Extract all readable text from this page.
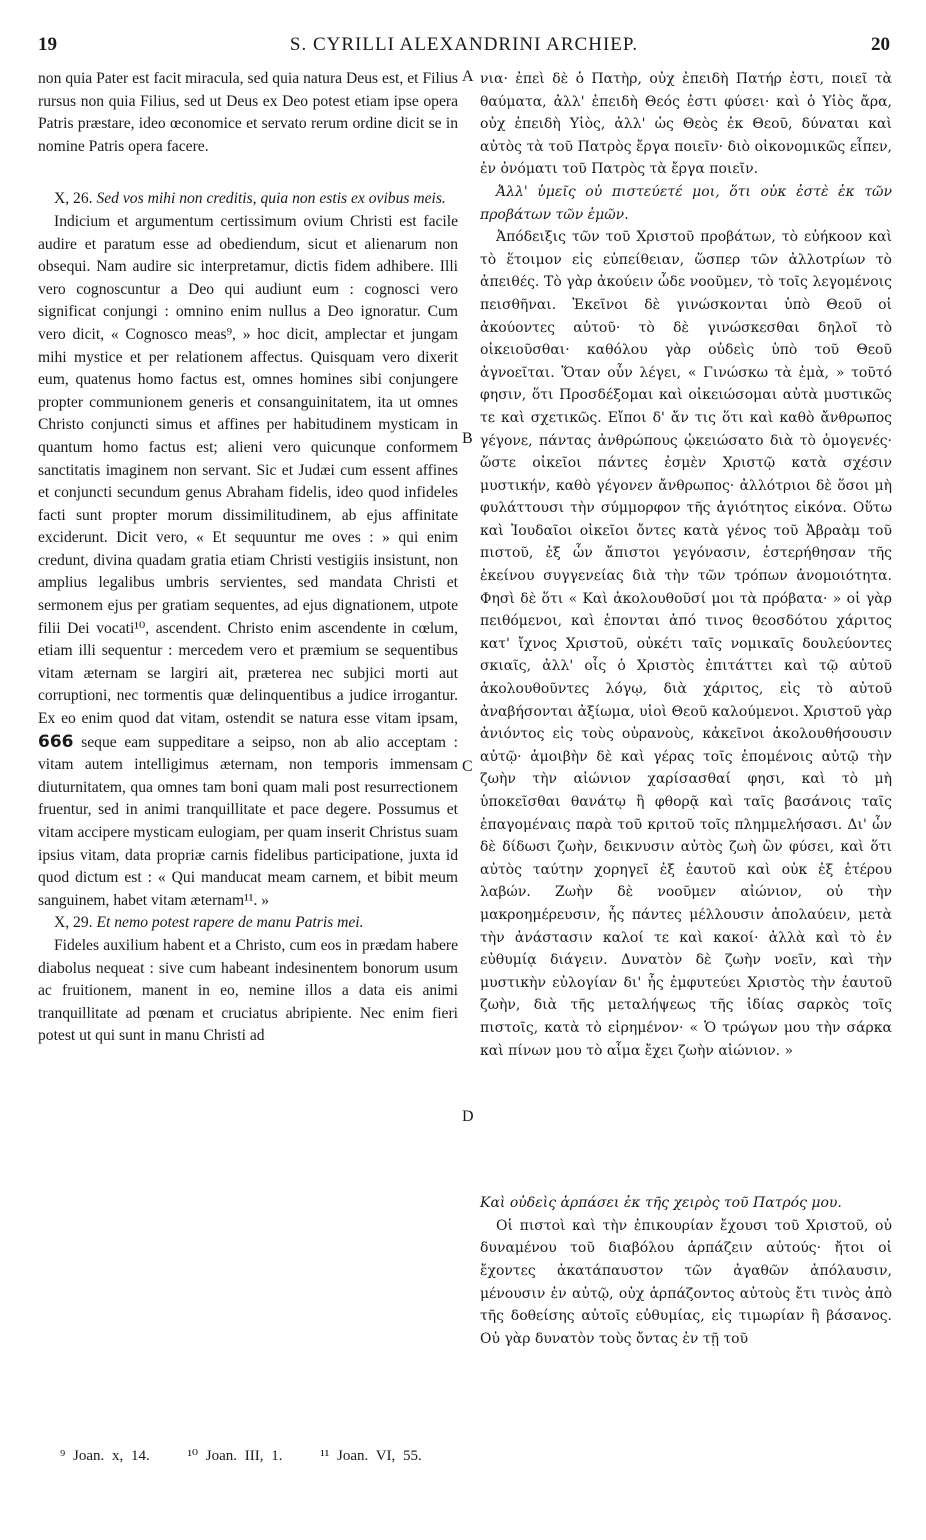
19	S. CYRILLI ALEXANDRINI ARCHIEP.	20

non quia Pater est facit miracula, sed quia natura Deus est, et Filius rursus non quia Filius, sed ut Deus ex Deo potest etiam ipse opera Patris præstare, ideo œconomice et servato rerum ordine dicit se in nomine Patris opera facere.

X, 26. Sed vos mihi non creditis, quia non estis ex ovibus meis.

Indicium et argumentum certissimum ovium Christi est facile audire et paratum esse ad obediendum, sicut et alienarum non obsequi. Nam audire sic interpretamur, dictis fidem adhibere. Illi vero cognoscuntur a Deo qui audiunt eum : cognosci vero significat conjungi : omnino enim nullus a Deo ignoratur. Cum vero dicit, « Cognosco meas⁹, » hoc dicit, amplectar et jungam mihi mystice et per relationem affectus. Quisquam vero dixerit eum, quatenus homo factus est, omnes homines sibi conjungere propter communionem generis et consanguinitatem, ita ut omnes Christo conjuncti simus et affines per habitudinem mysticam in quantum homo factus est; alieni vero quicunque conformem sanctitatis imaginem non servant. Sic et Judæi cum essent affines et conjuncti secundum genus Abraham fidelis, ideo quod infideles facti sunt propter morum dissimilitudinem, ab ejus affinitate exciderunt. Dicit vero, « Et sequuntur me oves : » qui enim credunt, divina quadam gratia etiam Christi vestigiis insistunt, non amplius legalibus umbris servientes, sed mandata Christi et sermonem ejus per gratiam sequentes, ad ejus dignationem, utpote filii Dei vocati¹⁰, ascendent. Christo enim ascendente in cœlum, etiam illi sequentur : mercedem vero et præmium se sequentibus vitam æternam se largiri ait, præterea nec subjici morti aut corruptioni, nec tormentis quæ delinquentibus a judice irrogantur. Ex eo enim quod dat vitam, ostendit se natura esse vitam ipsam, 666 seque eam suppeditare a seipso, non ab alio acceptam : vitam autem intelligimus æternam, non temporis immensam diuturnitatem, qua omnes tam boni quam mali post resurrectionem fruentur, sed in animi tranquillitate et pace degere. Possumus et vitam accipere mysticam eulogiam, per quam inserit Christus suam ipsius vitam, data propriæ carnis fidelibus participatione, juxta id quod dictum est : « Qui manducat meam carnem, et bibit meum sanguinem, habet vitam æternam¹¹. »

X, 29. Et nemo potest rapere de manu Patris mei.

Fideles auxilium habent et a Christo, cum eos in prædam habere diabolus nequeat : sive cum habeant indesinentem bonorum usum ac fruitionem, manent in eo, nemine illos a data eis animi tranquillitate ad pœnam et cruciatus abripiente. Nec enim fieri potest ut qui sunt in manu Christi ad

A
B
C
D

νια· ἐπεὶ δὲ ὁ Πατὴρ, οὐχ ἐπειδὴ Πατήρ ἐστι, ποιεῖ τὰ θαύματα, ἀλλ' ἐπειδὴ Θεός ἐστι φύσει· καὶ ὁ Υἱὸς ἄρα, οὐχ ἐπειδὴ Υἱὸς, ἀλλ' ὡς Θεὸς ἐκ Θεοῦ, δύναται καὶ αὐτὸς τὰ τοῦ Πατρὸς ἔργα ποιεῖν· διὸ οἰκονομικῶς εἶπεν, ἐν ὀνόματι τοῦ Πατρὸς τὰ ἔργα ποιεῖν.

Ἀλλ' ὑμεῖς οὐ πιστεύετέ μοι, ὅτι οὐκ ἐστὲ ἐκ τῶν προβάτων τῶν ἐμῶν.

Ἀπόδειξις τῶν τοῦ Χριστοῦ προβάτων, τὸ εὐήκοον καὶ τὸ ἕτοιμον εἰς εὐπείθειαν, ὥσπερ τῶν ἀλλοτρίων τὸ ἀπειθές. Τὸ γὰρ ἀκούειν ὧδε νοοῦμεν, τὸ τοῖς λεγομένοις πεισθῆναι. Ἐκεῖνοι δὲ γινώσκονται ὑπὸ Θεοῦ οἱ ἀκούοντες αὐτοῦ· τὸ δὲ γινώσκεσθαι δηλοῖ τὸ οἰκειοῦσθαι· καθόλου γὰρ οὐδεὶς ὑπὸ τοῦ Θεοῦ ἀγνοεῖται. Ὅταν οὖν λέγει, « Γινώσκω τὰ ἐμὰ, » τοῦτό φησιν, ὅτι Προσδέξομαι καὶ οἰκειώσομαι αὐτὰ μυστικῶς τε καὶ σχετικῶς. Εἴποι δ' ἄν τις ὅτι καὶ καθὸ ἄνθρωπος γέγονε, πάντας ἀνθρώπους ᾠκειώσατο διὰ τὸ ὁμογενές· ὥστε οἰκεῖοι πάντες ἐσμὲν Χριστῷ κατὰ σχέσιν μυστικήν, καθὸ γέγονεν ἄνθρωπος· ἀλλότριοι δὲ ὅσοι μὴ φυλάττουσι τὴν σύμμορφον τῆς ἁγιότητος εἰκόνα. Οὕτω καὶ Ἰουδαῖοι οἰκεῖοι ὄντες κατὰ γένος τοῦ Ἀβραὰμ τοῦ πιστοῦ, ἐξ ὧν ἄπιστοι γεγόνασιν, ἐστερήθησαν τῆς ἐκείνου συγγενείας διὰ τὴν τῶν τρόπων ἀνομοιότητα. Φησὶ δὲ ὅτι « Καὶ ἀκολουθοῦσί μοι τὰ πρόβατα· » οἱ γὰρ πειθόμενοι, καὶ ἑπονται ἀπό τινος θεοσδότου χάριτος κατ' ἴχνος Χριστοῦ, οὐκέτι ταῖς νομικαῖς δουλεύοντες σκιαῖς, ἀλλ' οἷς ὁ Χριστὸς ἐπιτάττει καὶ τῷ αὐτοῦ ἀκολουθοῦντες λόγῳ, διὰ χάριτος, εἰς τὸ αὐτοῦ ἀναβήσονται ἀξίωμα, υἱοὶ Θεοῦ καλούμενοι. Χριστοῦ γὰρ ἀνιόντος εἰς τοὺς οὐρανοὺς, κἀκεῖνοι ἀκολουθήσουσιν αὐτῷ· ἀμοιβὴν δὲ καὶ γέρας τοῖς ἑπομένοις αὐτῷ τὴν ζωὴν τὴν αἰώνιον χαρίσασθαί φησι, καὶ τὸ μὴ ὑποκεῖσθαι θανάτῳ ἢ φθορᾷ καὶ ταῖς βασάνοις ταῖς ἐπαγομέναις παρὰ τοῦ κριτοῦ τοῖς πλημμελήσασι. Δι' ὧν δὲ δίδωσι ζωὴν, δεικνυσιν αὐτὸς ζωὴ ὢν φύσει, καὶ ὅτι αὐτὸς ταύτην χορηγεῖ ἐξ ἑαυτοῦ καὶ οὐκ ἐξ ἑτέρου λαβών. Ζωὴν δὲ νοοῦμεν αἰώνιον, οὐ τὴν μακροημέρευσιν, ἧς πάντες μέλλουσιν ἀπολαύειν, μετὰ τὴν ἀνάστασιν καλοί τε καὶ κακοί· ἀλλὰ καὶ τὸ ἐν εὐθυμίᾳ διάγειν. Δυνατὸν δὲ ζωὴν νοεῖν, καὶ τὴν μυστικὴν εὐλογίαν δι' ἧς ἐμφυτεύει Χριστὸς τὴν ἑαυτοῦ ζωὴν, διὰ τῆς μεταλήψεως τῆς ἰδίας σαρκὸς τοῖς πιστοῖς, κατὰ τὸ εἰρημένον· « Ὁ τρώγων μου τὴν σάρκα καὶ πίνων μου τὸ αἷμα ἔχει ζωὴν αἰώνιον. »

Καὶ οὐδεὶς ἁρπάσει ἐκ τῆς χειρὸς τοῦ Πατρός μου.

Οἱ πιστοὶ καὶ τὴν ἐπικουρίαν ἔχουσι τοῦ Χριστοῦ, οὐ δυναμένου τοῦ διαβόλου ἁρπάζειν αὐτούς· ἤτοι οἱ ἔχοντες ἀκατάπαυστον τῶν ἀγαθῶν ἀπόλαυσιν, μένουσιν ἐν αὐτῷ, οὐχ ἁρπάζοντος αὐτοὺς ἔτι τινὸς ἀπὸ τῆς δοθείσης αὐτοῖς εὐθυμίας, εἰς τιμωρίαν ἢ βάσανος. Οὐ γὰρ δυνατὸν τοὺς ὄντας ἐν τῇ τοῦ

⁹ Joan. x, 14.	¹⁰ Joan. III, 1.	¹¹ Joan. VI, 55.
